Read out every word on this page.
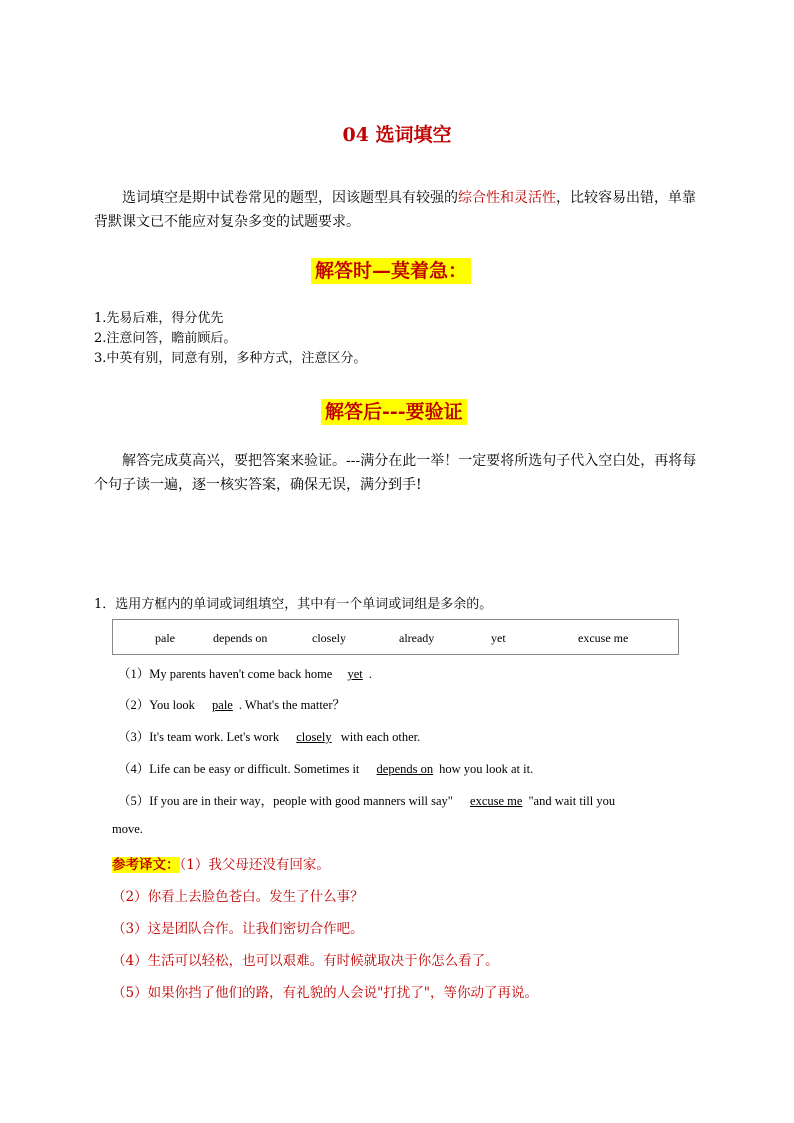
04 选词填空
选词填空是期中试卷常见的题型，因该题型具有较强的综合性和灵活性，比较容易出错，单靠背默课文已不能应对复杂多变的试题要求。
解答时—莫着急：
1.先易后难，得分优先
2.注意问答，瞻前顾后。
3.中英有别，同意有别，多种方式，注意区分。
解答后---要验证
解答完成莫高兴，要把答案来验证。---满分在此一举！一定要将所选句子代入空白处，再将每个句子读一遍，逐一核实答案，确保无误，满分到手!
1．选用方框内的单词或词组填空，其中有一个单词或词组是多余的。
pale	depends on	closely	already	yet	excuse me
（1）My parents haven't come back home yet .
（2）You look pale . What's the matter？
（3）It's team work. Let's work closely with each other.
（4）Life can be easy or difficult. Sometimes it depends on how you look at it.
（5）If you are in their way，people with good manners will say" excuse me "and wait till you
move.
参考译文：（1）我父母还没有回家。
（2）你看上去脸色苍白。发生了什么事？
（3）这是团队合作。让我们密切合作吧。
（4）生活可以轻松，也可以艰难。有时候就取决于你怎么看了。
（5）如果你挡了他们的路，有礼貌的人会说"打扰了"，等你动了再说。
